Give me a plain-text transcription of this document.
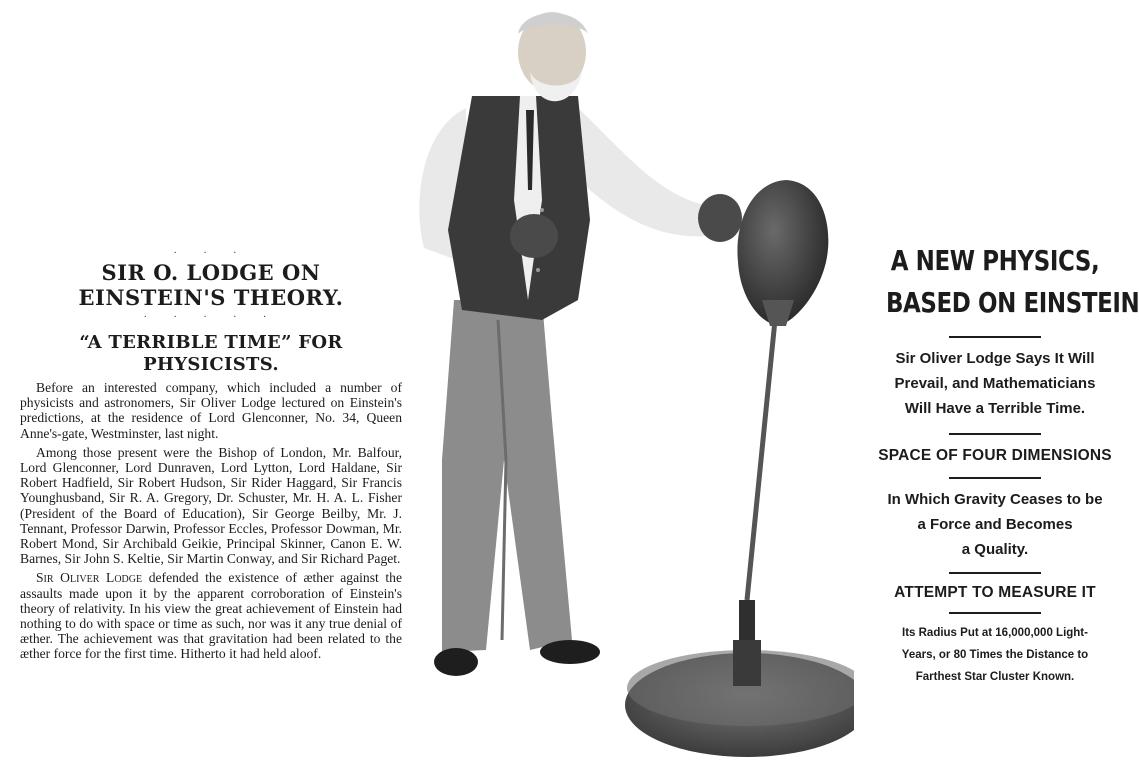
· · ·
SIR O. LODGE ON
EINSTEIN'S THEORY.
· · · · ·
“A TERRIBLE TIME” FOR
PHYSICISTS.

Before an interested company, which included a number of physicists and astronomers, Sir Oliver Lodge lectured on Einstein's predictions, at the residence of Lord Glenconner, No. 34, Queen Anne's-gate, Westminster, last night.

Among those present were the Bishop of London, Mr. Balfour, Lord Glenconner, Lord Dunraven, Lord Lytton, Lord Haldane, Sir Robert Hadfield, Sir Robert Hudson, Sir Rider Haggard, Sir Francis Younghusband, Sir R. A. Gregory, Dr. Schuster, Mr. H. A. L. Fisher (President of the Board of Education), Sir George Beilby, Mr. J. Tennant, Professor Darwin, Professor Eccles, Professor Dowman, Mr. Robert Mond, Sir Archibald Geikie, Principal Skinner, Canon E. W. Barnes, Sir John S. Keltie, Sir Martin Conway, and Sir Richard Paget.

Sir Oliver Lodge defended the existence of æther against the assaults made upon it by the apparent corroboration of Einstein's theory of relativity. In his view the great achievement of Einstein had nothing to do with space or time as such, nor was it any true denial of æther. The achievement was that gravitation had been related to the æther force for the first time. Hitherto it had held aloof.

A NEW PHYSICS,
BASED ON EINSTEIN

Sir Oliver Lodge Says It Will

Prevail, and Mathematicians

Will Have a Terrible Time.

SPACE OF FOUR DIMENSIONS

In Which Gravity Ceases to be

a Force and Becomes

a Quality.

ATTEMPT TO MEASURE IT

Its Radius Put at 16,000,000 Light-

Years, or 80 Times the Distance to

Farthest Star Cluster Known.
